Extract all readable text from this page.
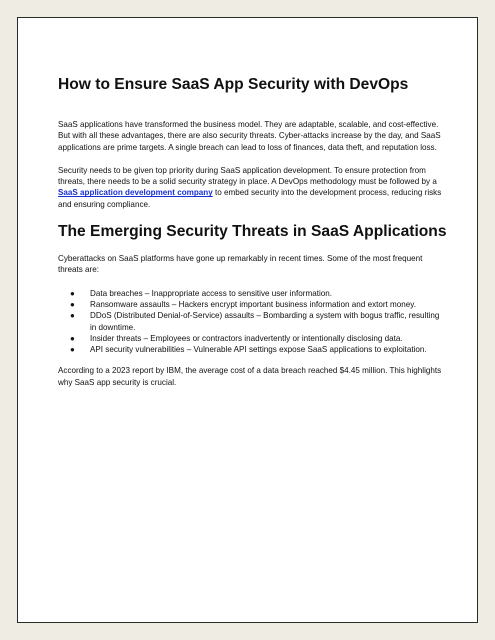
How to Ensure SaaS App Security with DevOps

SaaS applications have transformed the business model. They are adaptable, scalable, and cost-effective. But with all these advantages, there are also security threats. Cyber-attacks increase by the day, and SaaS applications are prime targets. A single breach can lead to loss of finances, data theft, and reputation loss.

Security needs to be given top priority during SaaS application development. To ensure protection from threats, there needs to be a solid security strategy in place. A DevOps methodology must be followed by a SaaS application development company to embed security into the development process, reducing risks and ensuring compliance.

The Emerging Security Threats in SaaS Applications

Cyberattacks on SaaS platforms have gone up remarkably in recent times. Some of the most frequent threats are:

● Data breaches – Inappropriate access to sensitive user information.
● Ransomware assaults – Hackers encrypt important business information and extort money.
● DDoS (Distributed Denial-of-Service) assaults – Bombarding a system with bogus traffic, resulting in downtime.
● Insider threats – Employees or contractors inadvertently or intentionally disclosing data.
● API security vulnerabilities – Vulnerable API settings expose SaaS applications to exploitation.

According to a 2023 report by IBM, the average cost of a data breach reached $4.45 million. This highlights why SaaS app security is crucial.
